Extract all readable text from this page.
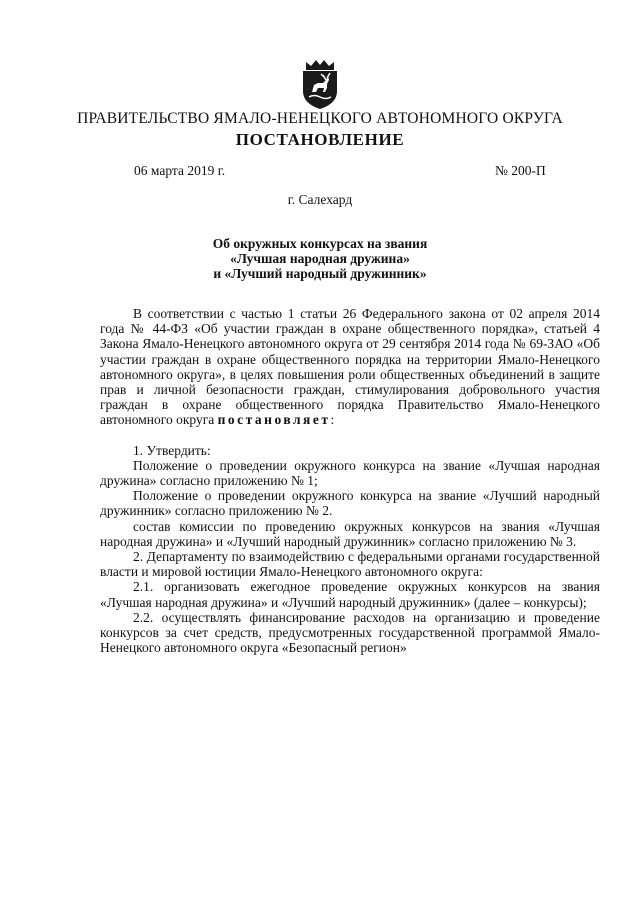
ПРАВИТЕЛЬСТВО ЯМАЛО-НЕНЕЦКОГО АВТОНОМНОГО ОКРУГА
ПОСТАНОВЛЕНИЕ
06 марта 2019 г.	№ 200-П
г. Салехард
Об окружных конкурсах на звания
«Лучшая народная дружина»
и «Лучший народный дружинник»

В соответствии с частью 1 статьи 26 Федерального закона от 02 апреля 2014 года № 44-ФЗ «Об участии граждан в охране общественного порядка», статьей 4 Закона Ямало-Ненецкого автономного округа от 29 сентября 2014 года № 69-ЗАО «Об участии граждан в охране общественного порядка на территории Ямало-Ненецкого автономного округа», в целях повышения роли общественных объединений в защите прав и личной безопасности граждан, стимулирования добровольного участия граждан в охране общественного порядка Правительство Ямало-Ненецкого автономного округа постановляет:

1. Утвердить:

Положение о проведении окружного конкурса на звание «Лучшая народная дружина» согласно приложению № 1;

Положение о проведении окружного конкурса на звание «Лучший народный дружинник» согласно приложению № 2.

состав комиссии по проведению окружных конкурсов на звания «Лучшая народная дружина» и «Лучший народный дружинник» согласно приложению № 3.

2. Департаменту по взаимодействию с федеральными органами государственной власти и мировой юстиции Ямало-Ненецкого автономного округа:

2.1. организовать ежегодное проведение окружных конкурсов на звания «Лучшая народная дружина» и «Лучший народный дружинник» (далее – конкурсы);

2.2. осуществлять финансирование расходов на организацию и проведение конкурсов за счет средств, предусмотренных государственной программой Ямало-Ненецкого автономного округа «Безопасный регион»
